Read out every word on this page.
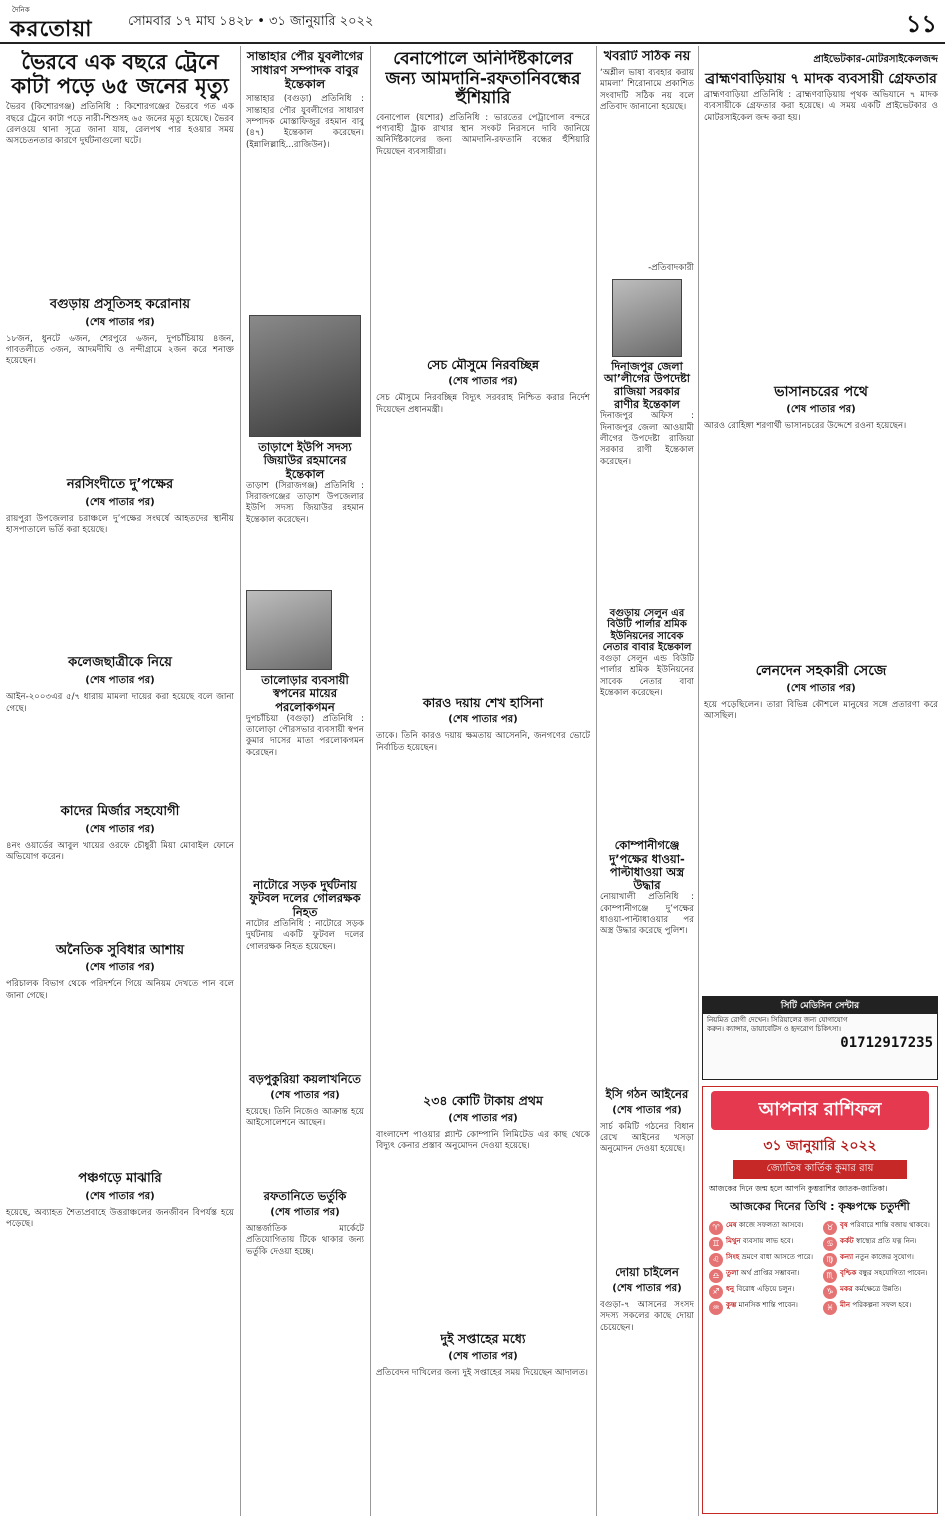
দৈনিক
করতোয়া	সোমবার ১৭ মাঘ ১৪২৮ • ৩১ জানুয়ারি ২০২২	১১
ভৈরবে এক বছরে ট্রেনে কাটা পড়ে ৬৫ জনের মৃত্যু
ভৈরব (কিশোরগঞ্জ) প্রতিনিধি : কিশোরগঞ্জের ভৈরবে গত এক বছরে ট্রেনে কাটা পড়ে নারী-শিশুসহ ৬৫ জনের মৃত্যু হয়েছে। ভৈরব রেলওয়ে থানা সূত্রে জানা যায়, রেলপথ পার হওয়ার সময় অসচেতনতার কারণে দুর্ঘটনাগুলো ঘটে।
বগুড়ায় প্রসূতিসহ করোনায়
(শেষ পাতার পর)
১৮জন, ধুনটে ৬জন, শেরপুরে ৬জন, দুপচাঁচিয়ায় ৪জন, গাবতলীতে ৩জন, আদমদীঘি ও নন্দীগ্রামে ২জন করে শনাক্ত হয়েছেন।
নরসিংদীতে দু’পক্ষের
(শেষ পাতার পর)
রায়পুরা উপজেলার চরাঞ্চলে দু’পক্ষের সংঘর্ষে আহতদের স্থানীয় হাসপাতালে ভর্তি করা হয়েছে।
কলেজছাত্রীকে নিয়ে
(শেষ পাতার পর)
আইন-২০০৩এর ৫/৭ ধারায় মামলা দায়ের করা হয়েছে বলে জানা গেছে।
কাদের মির্জার সহযোগী
(শেষ পাতার পর)
৪নং ওয়ার্ডের আবুল খায়ের ওরফে চৌধুরী মিয়া মোবাইল ফোনে অভিযোগ করেন।
অনৈতিক সুবিধার আশায়
(শেষ পাতার পর)
পরিচালক বিভাগ থেকে পরিদর্শনে গিয়ে অনিয়ম দেখতে পান বলে জানা গেছে।
পঞ্চগড়ে মাঝারি
(শেষ পাতার পর)
হয়েছে, অব্যাহত শৈত্যপ্রবাহে উত্তরাঞ্চলের জনজীবন বিপর্যস্ত হয়ে পড়েছে।
সান্তাহার পৌর যুবলীগের সাধারণ সম্পাদক বাবুর ইন্তেকাল
সান্তাহার (বগুড়া) প্রতিনিধি : সান্তাহার পৌর যুবলীগের সাধারণ সম্পাদক মোস্তাফিজুর রহমান বাবু (৪৭) ইন্তেকাল করেছেন। (ইন্নালিল্লাহি...রাজিউন)।
তাড়াশে ইউপি সদস্য জিয়াউর রহমানের ইন্তেকাল
তাড়াশ (সিরাজগঞ্জ) প্রতিনিধি : সিরাজগঞ্জের তাড়াশ উপজেলার ইউপি সদস্য জিয়াউর রহমান ইন্তেকাল করেছেন।
তালোড়ার ব্যবসায়ী স্বপনের মায়ের পরলোকগমন
দুপচাঁচিয়া (বগুড়া) প্রতিনিধি : তালোড়া পৌরসভার ব্যবসায়ী স্বপন কুমার দাসের মাতা পরলোকগমন করেছেন।
নাটোরে সড়ক দুর্ঘটনায় ফুটবল দলের গোলরক্ষক নিহত
নাটোর প্রতিনিধি : নাটোরে সড়ক দুর্ঘটনায় একটি ফুটবল দলের গোলরক্ষক নিহত হয়েছেন।
বড়পুকুরিয়া কয়লাখনিতে
(শেষ পাতার পর)
হয়েছে। তিনি নিজেও আক্রান্ত হয়ে আইসোলেশনে আছেন।
রফতানিতে ভর্তুকি
(শেষ পাতার পর)
আন্তর্জাতিক মার্কেটে প্রতিযোগিতায় টিকে থাকার জন্য ভর্তুকি দেওয়া হচ্ছে।
বেনাপোলে অনির্দিষ্টকালের জন্য আমদানি-রফতানিবন্ধের হুঁশিয়ারি
বেনাপোল (যশোর) প্রতিনিধি : ভারতের পেট্রাপোল বন্দরে পণ্যবাহী ট্রাক রাখার স্থান সংকট নিরসনে দাবি জানিয়ে অনির্দিষ্টকালের জন্য আমদানি-রফতানি বন্ধের হুঁশিয়ারি দিয়েছেন ব্যবসায়ীরা।
সেচ মৌসুমে নিরবচ্ছিন্ন
(শেষ পাতার পর)
সেচ মৌসুমে নিরবচ্ছিন্ন বিদ্যুৎ সরবরাহ নিশ্চিত করার নির্দেশ দিয়েছেন প্রধানমন্ত্রী।
কারও দয়ায় শেখ হাসিনা
(শেষ পাতার পর)
তাকে। তিনি কারও দয়ায় ক্ষমতায় আসেননি, জনগণের ভোটে নির্বাচিত হয়েছেন।
২৩৪ কোটি টাকায় প্রথম
(শেষ পাতার পর)
বাংলাদেশ পাওয়ার প্ল্যান্ট কোম্পানি লিমিটেড এর কাছ থেকে বিদ্যুৎ কেনার প্রস্তাব অনুমোদন দেওয়া হয়েছে।
দুই সপ্তাহের মধ্যে
(শেষ পাতার পর)
প্রতিবেদন দাখিলের জন্য দুই সপ্তাহের সময় দিয়েছেন আদালত।
খবরটি সঠিক নয়
‘অশ্লীল ভাষা ব্যবহার করায় মামলা’ শিরোনামে প্রকাশিত সংবাদটি সঠিক নয় বলে প্রতিবাদ জানানো হয়েছে।
-প্রতিবাদকারী
দিনাজপুর জেলা আ’লীগের উপদেষ্টা রাজিয়া সরকার রাণীর ইন্তেকাল
দিনাজপুর অফিস : দিনাজপুর জেলা আওয়ামী লীগের উপদেষ্টা রাজিয়া সরকার রাণী ইন্তেকাল করেছেন।
বগুড়ায় সেলুন এর বিউটি পার্লার শ্রমিক ইউনিয়নের সাবেক নেতার বাবার ইন্তেকাল
বগুড়া সেলুন এন্ড বিউটি পার্লার শ্রমিক ইউনিয়নের সাবেক নেতার বাবা ইন্তেকাল করেছেন।
কোম্পানীগঞ্জে দু’পক্ষের ধাওয়া-পাল্টাধাওয়া অস্ত্র উদ্ধার
নোয়াখালী প্রতিনিধি : কোম্পানীগঞ্জে দু’পক্ষের ধাওয়া-পাল্টাধাওয়ার পর অস্ত্র উদ্ধার করেছে পুলিশ।
ইসি গঠন আইনের
(শেষ পাতার পর)
সার্চ কমিটি গঠনের বিধান রেখে আইনের খসড়া অনুমোদন দেওয়া হয়েছে।
দোয়া চাইলেন
(শেষ পাতার পর)
বগুড়া-৭ আসনের সংসদ সদস্য সকলের কাছে দোয়া চেয়েছেন।
প্রাইভেটকার-মোটরসাইকেলজব্দ
ব্রাহ্মণবাড়িয়ায় ৭ মাদক ব্যবসায়ী গ্রেফতার
ব্রাহ্মণবাড়িয়া প্রতিনিধি : ব্রাহ্মণবাড়িয়ায় পৃথক অভিযানে ৭ মাদক ব্যবসায়ীকে গ্রেফতার করা হয়েছে। এ সময় একটি প্রাইভেটকার ও মোটরসাইকেল জব্দ করা হয়।
ভাসানচরের পথে
(শেষ পাতার পর)
আরও রোহিঙ্গা শরণার্থী ভাসানচরের উদ্দেশে রওনা হয়েছেন।
লেনদেন সহকারী সেজে
(শেষ পাতার পর)
হয়ে পড়েছিলেন। তারা বিভিন্ন কৌশলে মানুষের সঙ্গে প্রতারণা করে আসছিল।
সিটি মেডিসিন সেন্টার
নিয়মিত রোগী দেখেন। সিরিয়ালের জন্য যোগাযোগ করুন। ক্যান্সার, ডায়াবেটিস ও হৃদরোগ চিকিৎসা।
01712917235
আপনার রাশিফল
৩১ জানুয়ারি ২০২২
জ্যোতিষ কার্তিক কুমার রায়
আজকের দিনে জন্ম হলে আপনি কুম্ভরাশির জাতক-জাতিকা।
আজকের দিনের তিথি : কৃষ্ণপক্ষে চতুর্দশী
♈ মেষ কাজে সফলতা আসবে।	♉ বৃষ পরিবারে শান্তি বজায় থাকবে।
♊ মিথুন ব্যবসায় লাভ হবে।	♋ কর্কট স্বাস্থ্যের প্রতি যত্ন নিন।
♌ সিংহ ভ্রমণে বাধা আসতে পারে।	♍ কন্যা নতুন কাজের সুযোগ।
♎ তুলা অর্থ প্রাপ্তির সম্ভাবনা।	♏ বৃশ্চিক বন্ধুর সহযোগিতা পাবেন।
♐ ধনু বিরোধ এড়িয়ে চলুন।	♑ মকর কর্মক্ষেত্রে উন্নতি।
♒ কুম্ভ মানসিক শান্তি পাবেন।	♓ মীন পরিকল্পনা সফল হবে।
